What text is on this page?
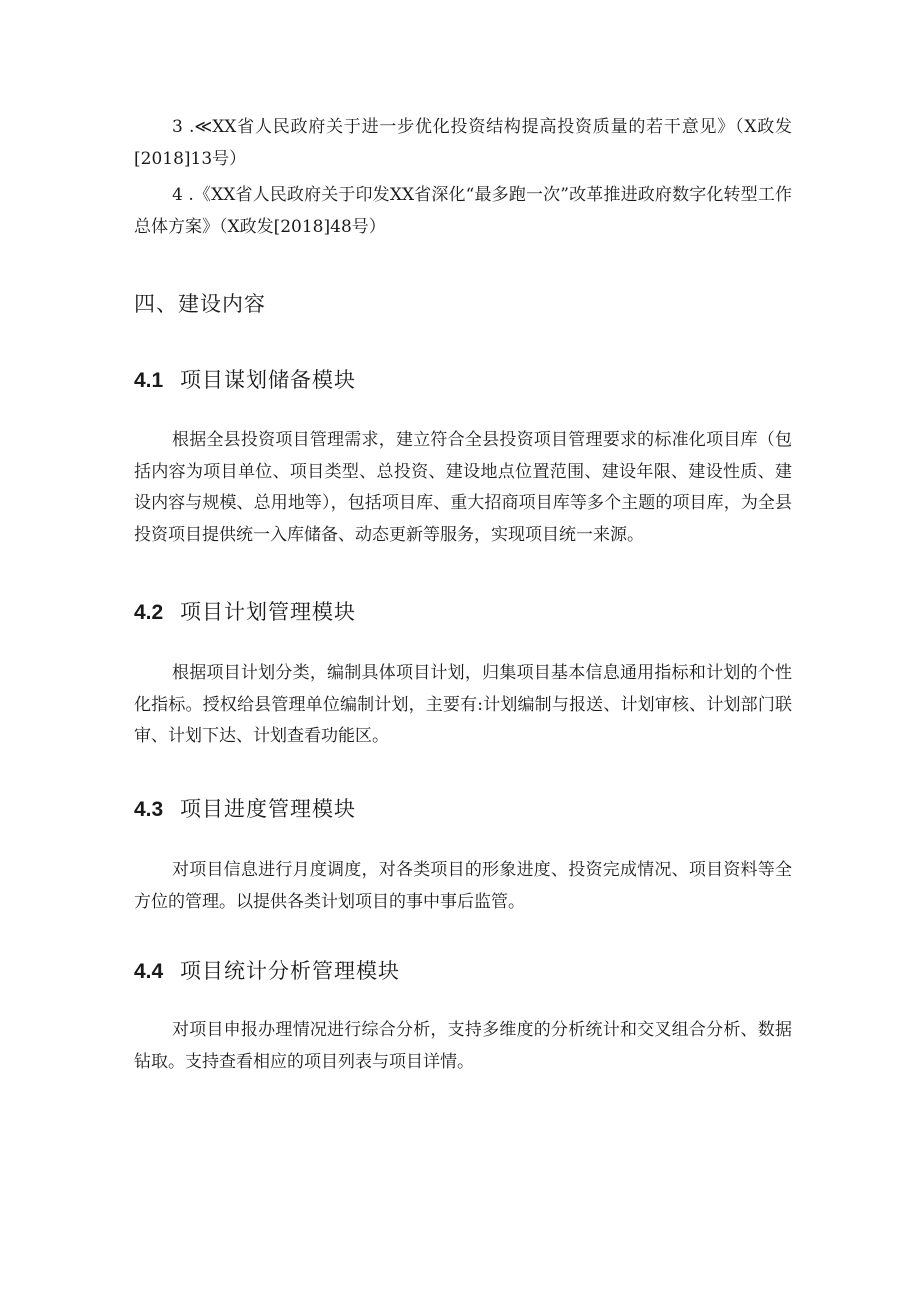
3 .≪XX省人民政府关于进一步优化投资结构提高投资质量的若干意见》（X政发[2018]13号）

4 .《XX省人民政府关于印发XX省深化“最多跑一次”改革推进政府数字化转型工作总体方案》（X政发[2018]48号）

四、建设内容
4.1 项目谋划储备模块

根据全县投资项目管理需求，建立符合全县投资项目管理要求的标准化项目库（包括内容为项目单位、项目类型、总投资、建设地点位置范围、建设年限、建设性质、建设内容与规模、总用地等），包括项目库、重大招商项目库等多个主题的项目库，为全县投资项目提供统一入库储备、动态更新等服务，实现项目统一来源。

4.2 项目计划管理模块

根据项目计划分类，编制具体项目计划，归集项目基本信息通用指标和计划的个性化指标。授权给县管理单位编制计划，主要有:计划编制与报送、计划审核、计划部门联审、计划下达、计划查看功能区。

4.3 项目进度管理模块

对项目信息进行月度调度，对各类项目的形象进度、投资完成情况、项目资料等全方位的管理。以提供各类计划项目的事中事后监管。

4.4 项目统计分析管理模块

对项目申报办理情况进行综合分析，支持多维度的分析统计和交叉组合分析、数据钻取。支持查看相应的项目列表与项目详情。
